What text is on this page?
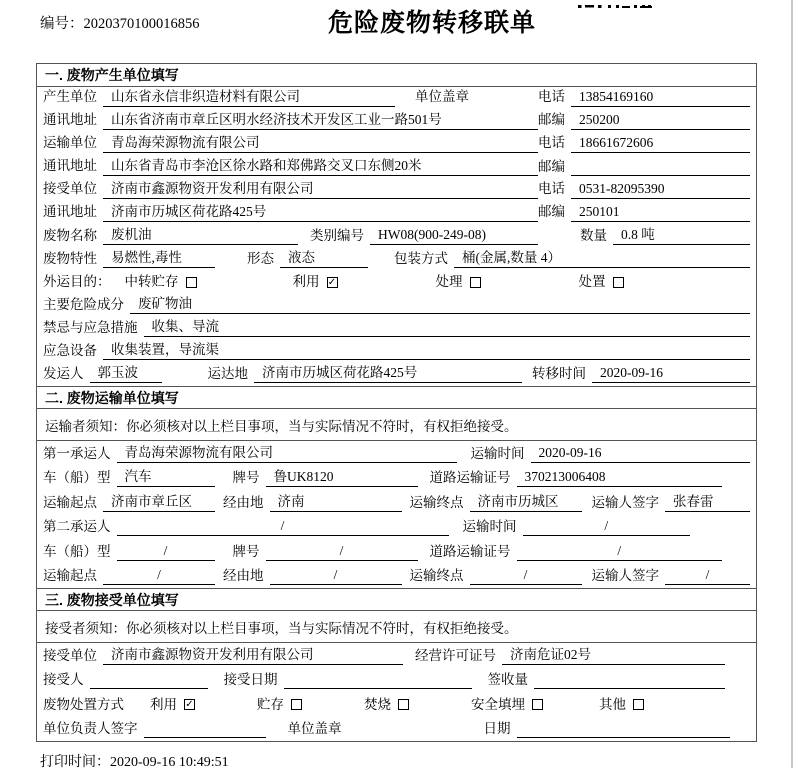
编号：2020370100016856	危险废物转移联单
一. 废物产生单位填写
产生单位	山东省永信非织造材料有限公司	单位盖章	电话	13854169160
通讯地址	山东省济南市章丘区明水经济技术开发区工业一路501号	邮编	250200
运输单位	青岛海荣源物流有限公司	电话	18661672606
通讯地址	山东省青岛市李沧区徐水路和郑佛路交叉口东侧20米	邮编
接受单位	济南市鑫源物资开发利用有限公司	电话	0531-82095390
通讯地址	济南市历城区荷花路425号	邮编	250101
废物名称	废机油	类别编号	HW08(900-249-08)	数量	0.8 吨
废物特性	易燃性,毒性	形态	液态	包装方式	桶(金属,数量 4）
外运目的： 中转贮存	利用 ✓	处理	处置
主要危险成分	废矿物油
禁忌与应急措施	收集、导流
应急设备	收集装置，导流渠
发运人	郭玉波	运达地	济南市历城区荷花路425号	转移时间	2020-09-16
二. 废物运输单位填写
运输者须知：你必须核对以上栏目事项，当与实际情况不符时，有权拒绝接受。
第一承运人	青岛海荣源物流有限公司	运输时间	2020-09-16
车（船）型	汽车	牌号	鲁UK8120	道路运输证号	370213006408
运输起点	济南市章丘区	经由地	济南	运输终点	济南市历城区	运输人签字	张春雷
第二承运人	/	运输时间	/
车（船）型	/	牌号	/	道路运输证号	/
运输起点	/	经由地	/	运输终点	/	运输人签字	/
三. 废物接受单位填写
接受者须知：你必须核对以上栏目事项，当与实际情况不符时，有权拒绝接受。
接受单位	济南市鑫源物资开发利用有限公司	经营许可证号	济南危证02号
接受人	接受日期	签收量
废物处置方式 利用 ✓	贮存	焚烧	安全填埋	其他
单位负责人签字	单位盖章	日期
打印时间：2020-09-16 10:49:51
